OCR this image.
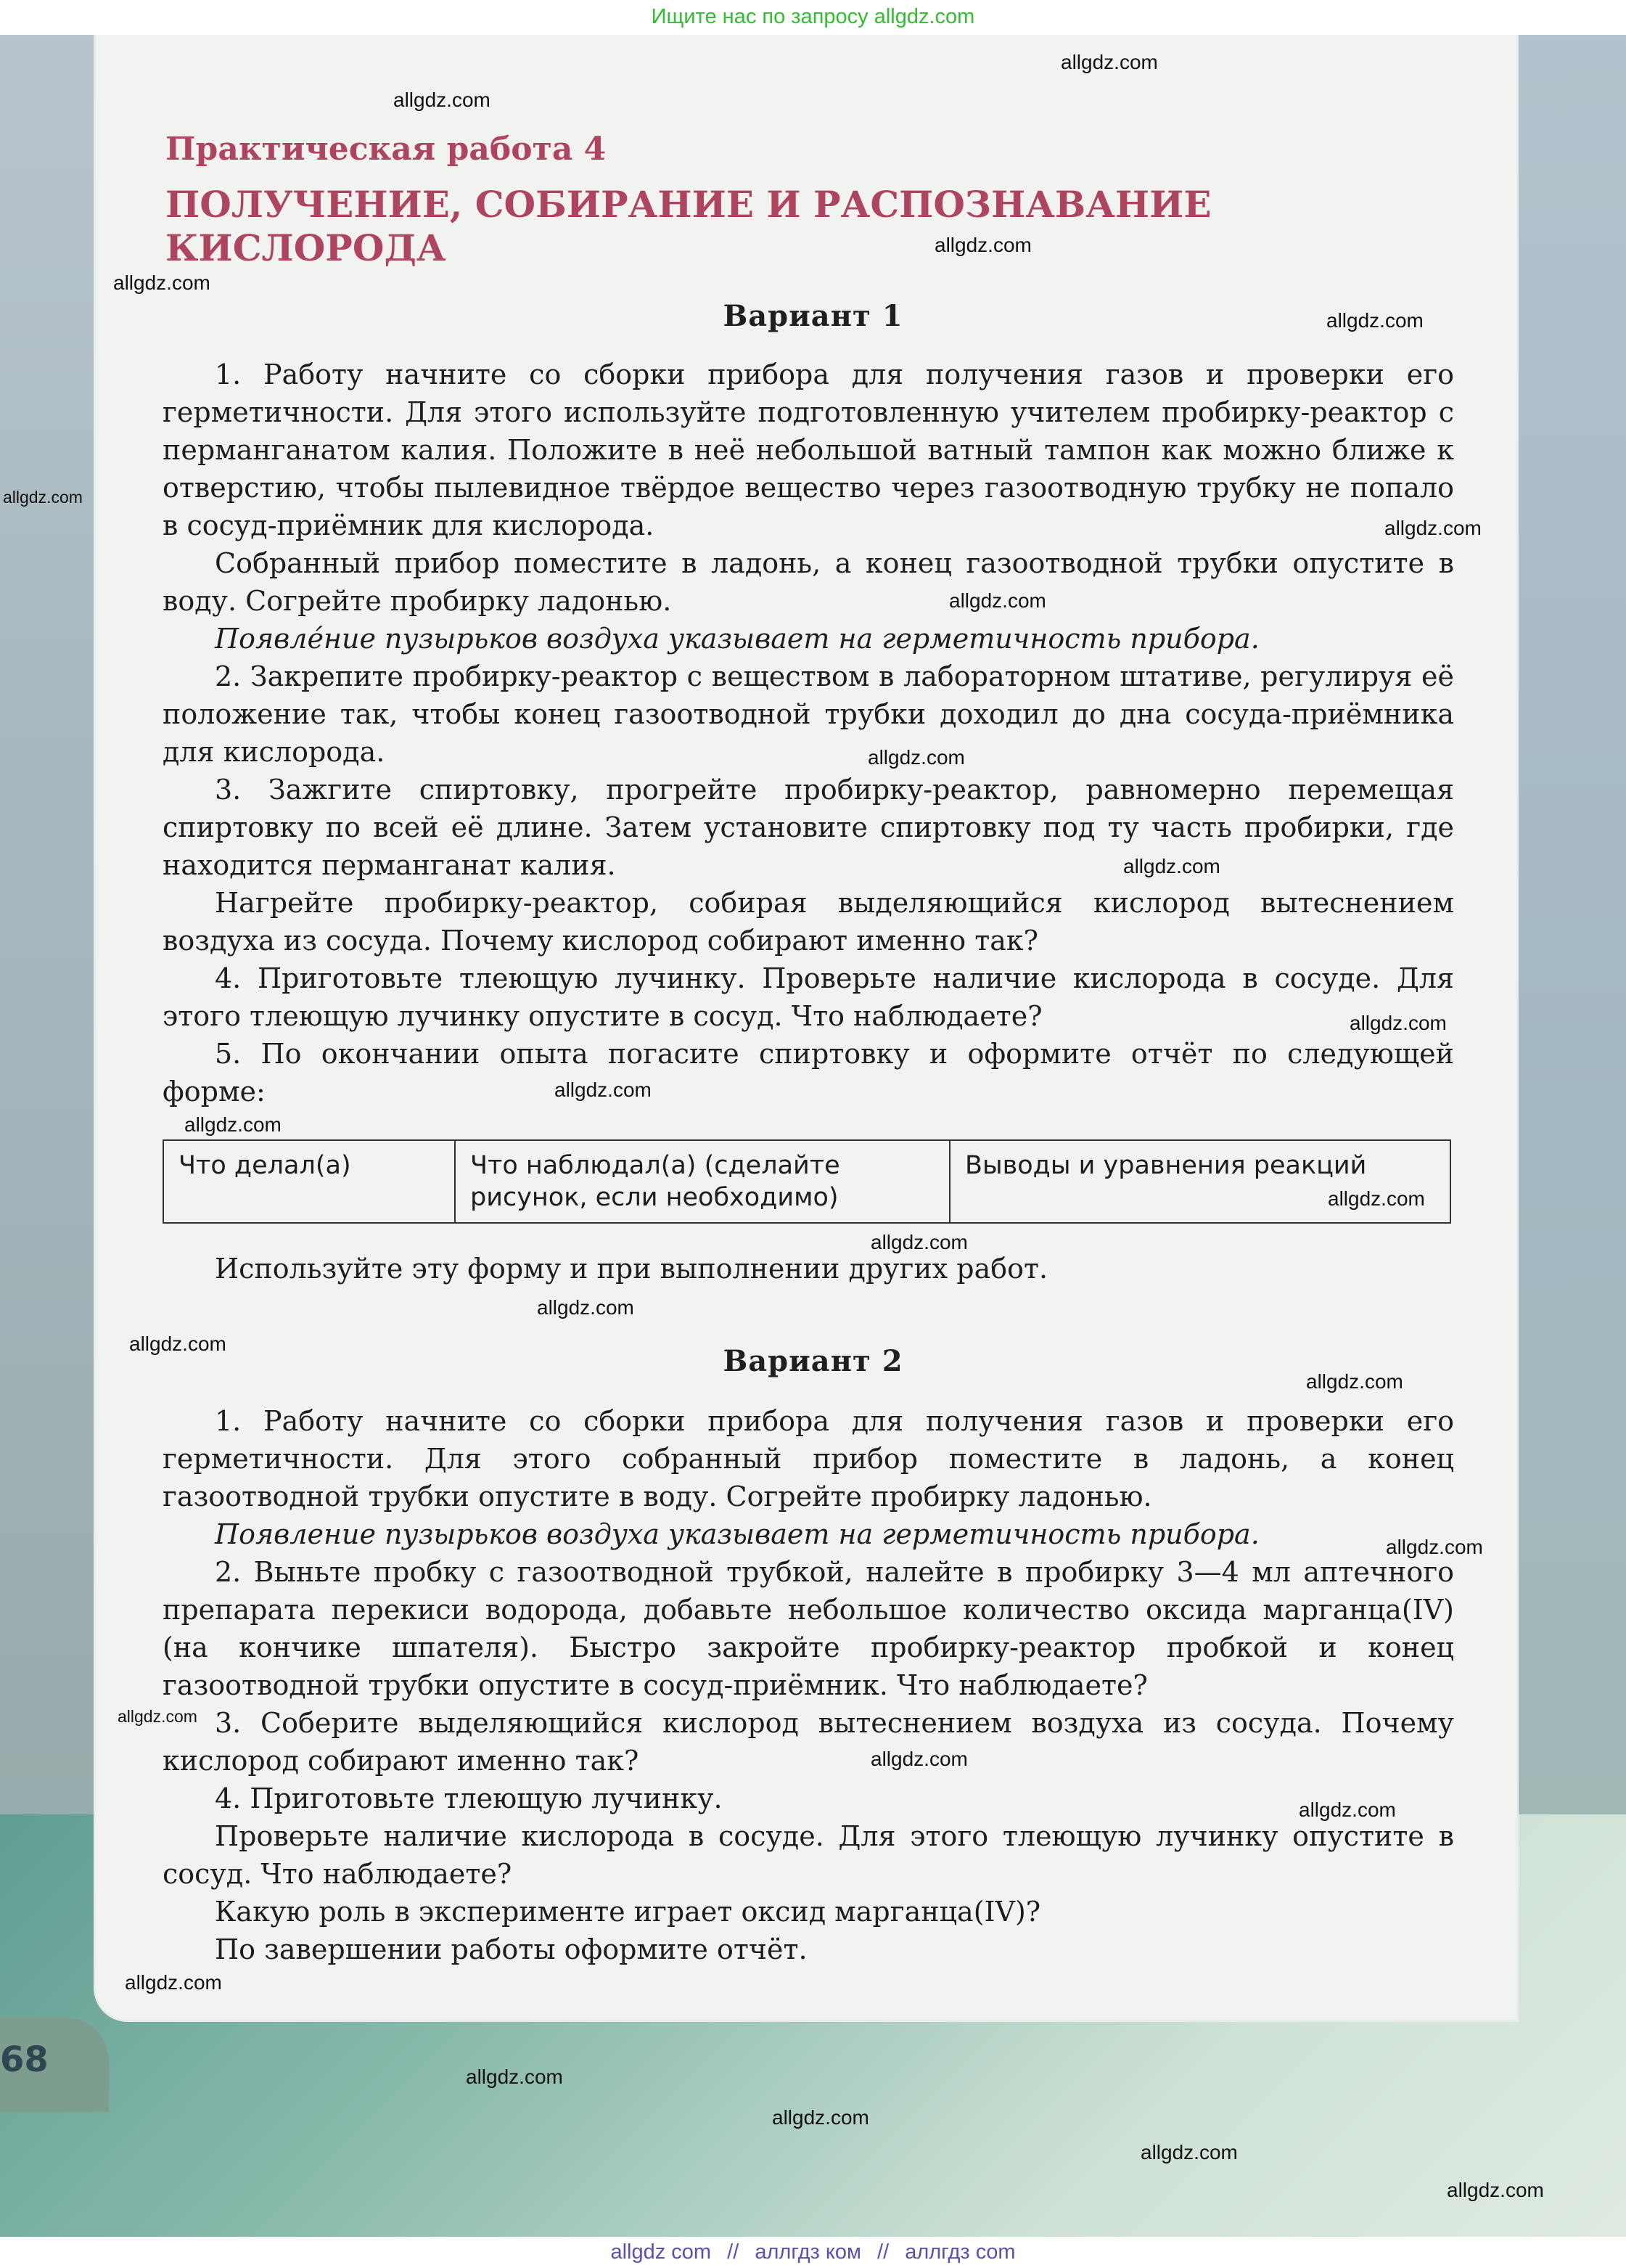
68
Ищите нас по запросу allgdz.com
Практическая работа 4
ПОЛУЧЕНИЕ, СОБИРАНИЕ И РАСПОЗНАВАНИЕ
КИСЛОРОДА
Вариант 1

1. Работу начните со сборки прибора для получения газов и проверки его герметичности. Для этого используйте подготовленную учителем пробирку-реактор с перманганатом калия. Положите в неё небольшой ватный тампон как можно ближе к отверстию, чтобы пылевидное твёрдое вещество через газоотводную трубку не попало в сосуд-приёмник для кислорода.

Собранный прибор поместите в ладонь, а конец газоотводной трубки опустите в воду. Согрейте пробирку ладонью.

Появлéние пузырьков воздуха указывает на герметичность прибора.

2. Закрепите пробирку-реактор с веществом в лабораторном штативе, регулируя её положение так, чтобы конец газоотводной трубки доходил до дна сосуда-приёмника для кислорода.

3. Зажгите спиртовку, прогрейте пробирку-реактор, равномерно перемещая спиртовку по всей её длине. Затем установите спиртовку под ту часть пробирки, где находится перманганат калия.

Нагрейте пробирку-реактор, собирая выделяющийся кислород вытеснением воздуха из сосуда. Почему кислород собирают именно так?

4. Приготовьте тлеющую лучинку. Проверьте наличие кислорода в сосуде. Для этого тлеющую лучинку опустите в сосуд. Что наблюдаете?

5. По окончании опыта погасите спиртовку и оформите отчёт по следующей форме:

Что делал(а)	Что наблюдал(а) (сделайте рисунок, если необходимо)	Выводы и уравнения реакций

Используйте эту форму и при выполнении других работ.

Вариант 2

1. Работу начните со сборки прибора для получения газов и проверки его герметичности. Для этого собранный прибор поместите в ладонь, а конец газоотводной трубки опустите в воду. Согрейте пробирку ладонью.

Появление пузырьков воздуха указывает на герметичность прибора.

2. Выньте пробку с газоотводной трубкой, налейте в пробирку 3—4 мл аптечного препарата перекиси водорода, добавьте небольшое количество оксида марганца(IV) (на кончике шпателя). Быстро закройте пробирку-реактор пробкой и конец газоотводной трубки опустите в сосуд-приёмник. Что наблюдаете?

3. Соберите выделяющийся кислород вытеснением воздуха из сосуда. Почему кислород собирают именно так?

4. Приготовьте тлеющую лучинку.

Проверьте наличие кислорода в сосуде. Для этого тлеющую лучинку опустите в сосуд. Что наблюдаете?

Какую роль в эксперименте играет оксид марганца(IV)?

По завершении работы оформите отчёт.

allgdz.com
allgdz.com
allgdz.com
allgdz.com
allgdz.com
allgdz.com
allgdz.com
allgdz.com
allgdz.com
allgdz.com
allgdz.com
allgdz.com
allgdz.com
allgdz.com
allgdz.com
allgdz.com
allgdz.com
allgdz.com
allgdz.com
allgdz.com
allgdz.com
allgdz.com
allgdz.com
allgdz.com
allgdz.com
allgdz.com
allgdz.com
allgdz com // аллгдз ком // аллгдз com
